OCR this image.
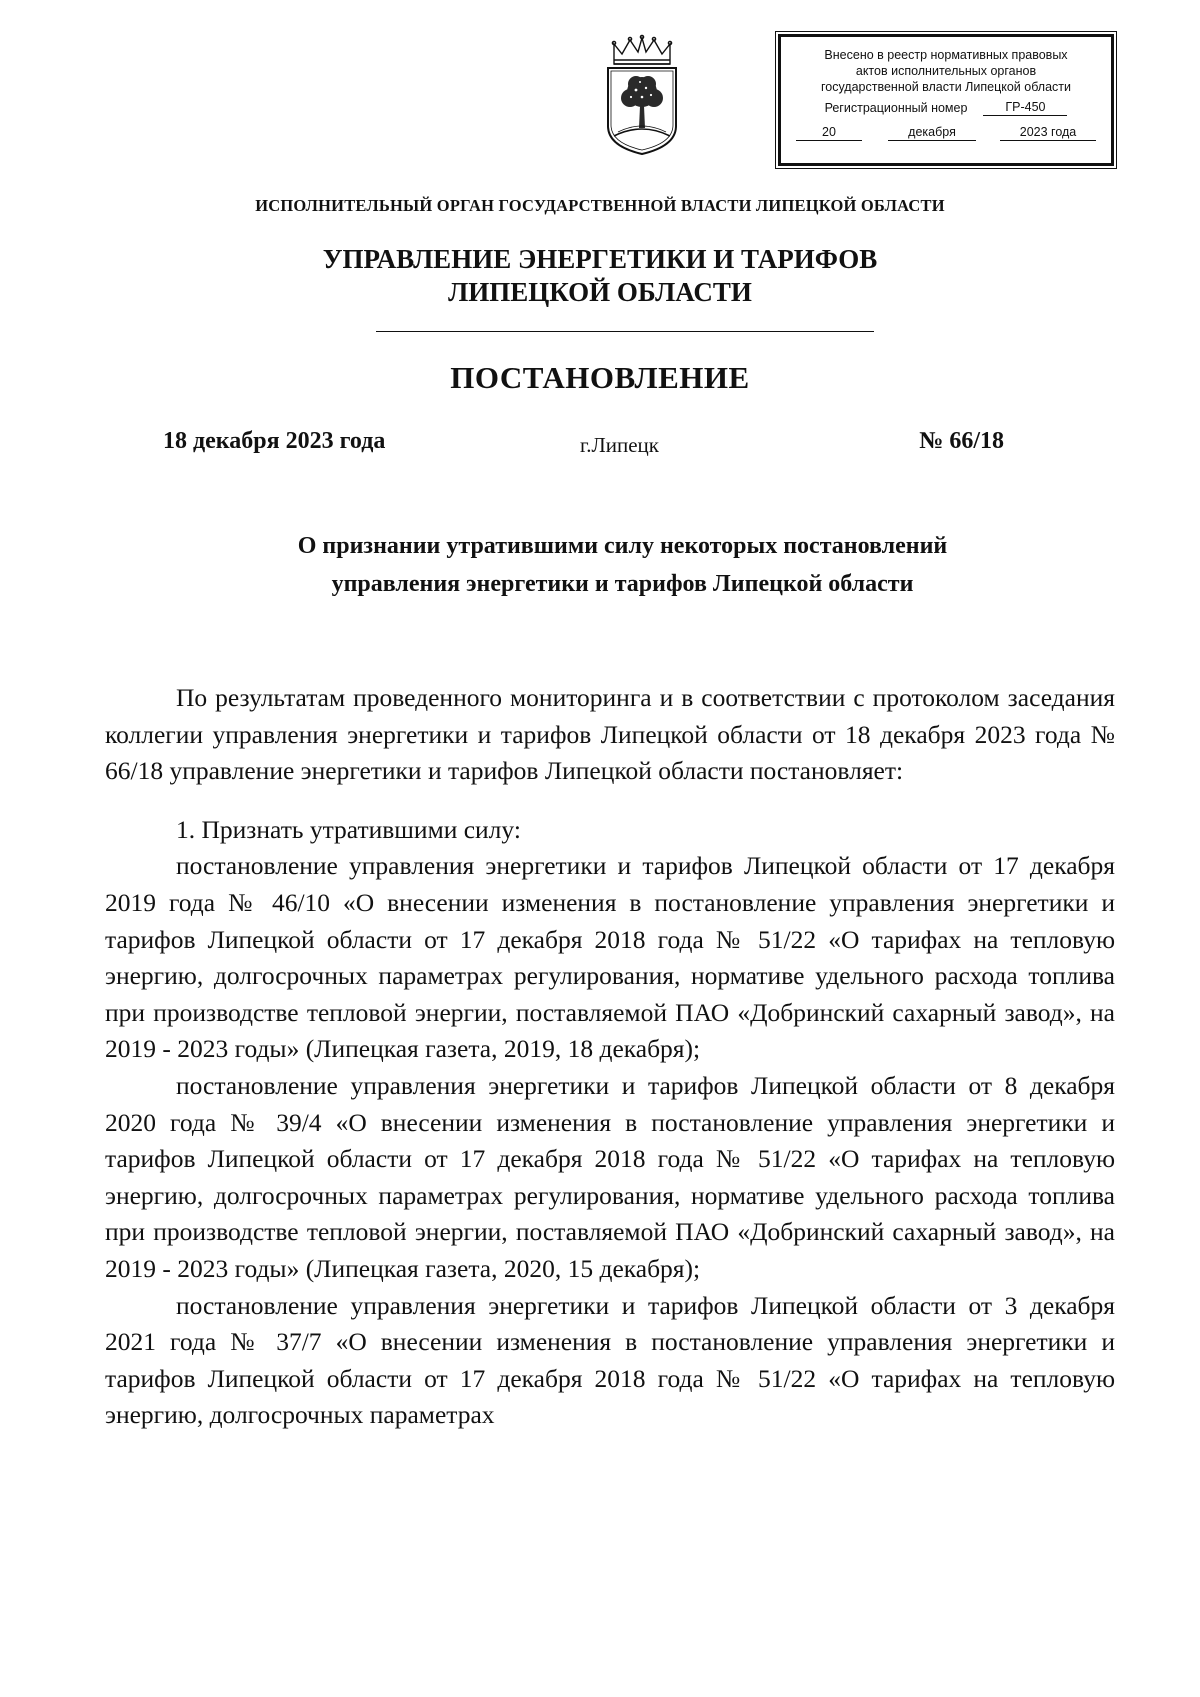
Внесено в реестр нормативных правовых
актов исполнительных органов
государственной власти Липецкой области
Регистрационный номер	ГР-450
20	декабря	2023 года
ИСПОЛНИТЕЛЬНЫЙ ОРГАН ГОСУДАРСТВЕННОЙ ВЛАСТИ ЛИПЕЦКОЙ ОБЛАСТИ
УПРАВЛЕНИЕ ЭНЕРГЕТИКИ И ТАРИФОВ
ЛИПЕЦКОЙ ОБЛАСТИ
ПОСТАНОВЛЕНИЕ
18 декабря 2023 года	г.Липецк	№ 66/18
О признании утратившими силу некоторых постановлений
управления энергетики и тарифов Липецкой области

По результатам проведенного мониторинга и в соответствии с протоколом заседания коллегии управления энергетики и тарифов Липецкой области от 18 декабря 2023 года № 66/18 управление энергетики и тарифов Липецкой области постановляет:

1. Признать утратившими силу:

постановление управления энергетики и тарифов Липецкой области от 17 декабря 2019 года № 46/10 «О внесении изменения в постановление управления энергетики и тарифов Липецкой области от 17 декабря 2018 года № 51/22 «О тарифах на тепловую энергию, долгосрочных параметрах регулирования, нормативе удельного расхода топлива при производстве тепловой энергии, поставляемой ПАО «Добринский сахарный завод», на 2019 - 2023 годы» (Липецкая газета, 2019, 18 декабря);

постановление управления энергетики и тарифов Липецкой области от 8 декабря 2020 года № 39/4 «О внесении изменения в постановление управления энергетики и тарифов Липецкой области от 17 декабря 2018 года № 51/22 «О тарифах на тепловую энергию, долгосрочных параметрах регулирования, нормативе удельного расхода топлива при производстве тепловой энергии, поставляемой ПАО «Добринский сахарный завод», на 2019 - 2023 годы» (Липецкая газета, 2020, 15 декабря);

постановление управления энергетики и тарифов Липецкой области от 3 декабря 2021 года № 37/7 «О внесении изменения в постановление управления энергетики и тарифов Липецкой области от 17 декабря 2018 года № 51/22 «О тарифах на тепловую энергию, долгосрочных параметрах
